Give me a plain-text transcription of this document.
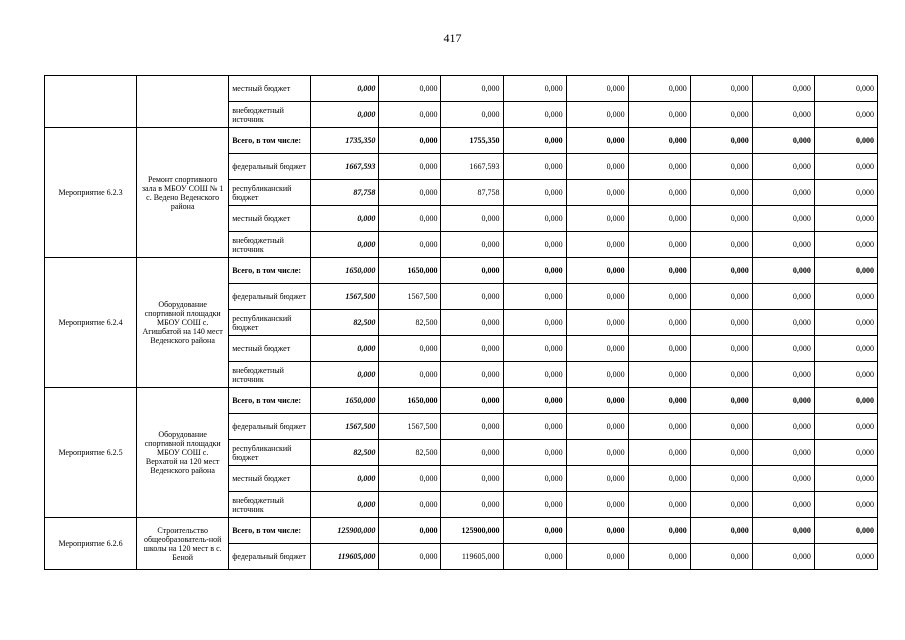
417
		местный бюджет	0,000	0,000	0,000	0,000	0,000	0,000	0,000	0,000	0,000
		внебюджетный источник	0,000	0,000	0,000	0,000	0,000	0,000	0,000	0,000	0,000
Мероприятие 6.2.3	Ремонт спортивного зала в МБОУ СОШ № 1 с. Ведено Веденского района	Всего, в том числе:	1735,350	0,000	1755,350	0,000	0,000	0,000	0,000	0,000	0,000
		федеральный бюджет	1667,593	0,000	1667,593	0,000	0,000	0,000	0,000	0,000	0,000
		республиканский бюджет	87,758	0,000	87,758	0,000	0,000	0,000	0,000	0,000	0,000
		местный бюджет	0,000	0,000	0,000	0,000	0,000	0,000	0,000	0,000	0,000
		внебюджетный источник	0,000	0,000	0,000	0,000	0,000	0,000	0,000	0,000	0,000
Мероприятие 6.2.4	Оборудование спортивной площадки МБОУ СОШ с. Агишбатой на 140 мест Веденского района	Всего, в том числе:	1650,000	1650,000	0,000	0,000	0,000	0,000	0,000	0,000	0,000
		федеральный бюджет	1567,500	1567,500	0,000	0,000	0,000	0,000	0,000	0,000	0,000
		республиканский бюджет	82,500	82,500	0,000	0,000	0,000	0,000	0,000	0,000	0,000
		местный бюджет	0,000	0,000	0,000	0,000	0,000	0,000	0,000	0,000	0,000
		внебюджетный источник	0,000	0,000	0,000	0,000	0,000	0,000	0,000	0,000	0,000
Мероприятие 6.2.5	Оборудование спортивной площадки МБОУ СОШ с. Верхатой на 120 мест Веденского района	Всего, в том числе:	1650,000	1650,000	0,000	0,000	0,000	0,000	0,000	0,000	0,000
		федеральный бюджет	1567,500	1567,500	0,000	0,000	0,000	0,000	0,000	0,000	0,000
		республиканский бюджет	82,500	82,500	0,000	0,000	0,000	0,000	0,000	0,000	0,000
		местный бюджет	0,000	0,000	0,000	0,000	0,000	0,000	0,000	0,000	0,000
		внебюджетный источник	0,000	0,000	0,000	0,000	0,000	0,000	0,000	0,000	0,000
Мероприятие 6.2.6	Строительство общеобразователь-ной школы на 120 мест в с. Беной	Всего, в том числе:	125900,000	0,000	125900,000	0,000	0,000	0,000	0,000	0,000	0,000
		федеральный бюджет	119605,000	0,000	119605,000	0,000	0,000	0,000	0,000	0,000	0,000
